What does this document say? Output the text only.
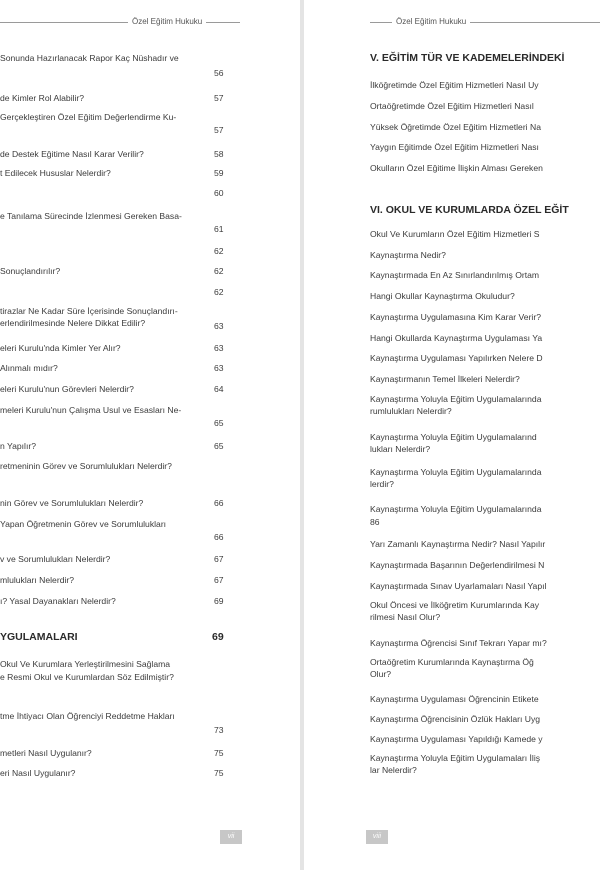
Özel Eğitim Hukuku
Sonunda Hazırlanacak Rapor Kaç Nüshadır ve
56
de Kimler Rol Alabilir?	57
Gerçekleştiren Özel Eğitim Değerlendirme Ku-
57
de Destek Eğitime Nasıl Karar Verilir?	58
t Edilecek Hususlar Nelerdir?	59
60
e Tanılama Sürecinde İzlenmesi Gereken Basa-
61
62
Sonuçlandırılır?	62
62
tirazlar Ne Kadar Süre İçerisinde Sonuçlandırı-
erlendirilmesinde Nelere Dikkat Edilir?	63
eleri Kurulu'nda Kimler Yer Alır?	63
Alınmalı mıdır?	63
eleri Kurulu'nun Görevleri Nelerdir?	64
meleri Kurulu'nun Çalışma Usul ve Esasları Ne-
65
n Yapılır?	65
retmeninin Görev ve Sorumlulukları Nelerdir?
nin Görev ve Sorumlulukları Nelerdir?	66
Yapan Öğretmenin Görev ve Sorumlulukları
66
v ve Sorumlulukları Nelerdir?	67
mlulukları Nelerdir?	67
ı? Yasal Dayanakları Nelerdir?	69
YGULAMALARI	69
Okul Ve Kurumlara Yerleştirilmesini Sağlama
e Resmi Okul ve Kurumlardan Söz Edilmiştir?
tme İhtiyacı Olan Öğrenciyi Reddetme Hakları
73
metleri Nasıl Uygulanır?	75
eri Nasıl Uygulanır?	75
vii
Özel Eğitim Hukuku
V. EĞİTİM TÜR VE KADEMELERİNDEKİ
İlköğretimde Özel Eğitim Hizmetleri Nasıl Uy
Ortaöğretimde Özel Eğitim Hizmetleri Nasıl
Yüksek Öğretimde Özel Eğitim Hizmetleri Na
Yaygın Eğitimde Özel Eğitim Hizmetleri Nası
Okulların Özel Eğitime İlişkin Alması Gereken
VI. OKUL VE KURUMLARDA ÖZEL EĞİT
Okul Ve Kurumların Özel Eğitim Hizmetleri S
Kaynaştırma Nedir?
Kaynaştırmada En Az Sınırlandırılmış Ortam
Hangi Okullar Kaynaştırma Okuludur?
Kaynaştırma Uygulamasına Kim Karar Verir?
Hangi Okullarda Kaynaştırma Uygulaması Ya
Kaynaştırma Uygulaması Yapılırken Nelere D
Kaynaştırmanın Temel İlkeleri Nelerdir?
Kaynaştırma Yoluyla Eğitim Uygulamalarında
rumlulukları Nelerdir?
Kaynaştırma Yoluyla Eğitim Uygulamalarınd
lukları Nelerdir?
Kaynaştırma Yoluyla Eğitim Uygulamalarında
lerdir?
Kaynaştırma Yoluyla Eğitim Uygulamalarında
86
Yarı Zamanlı Kaynaştırma Nedir? Nasıl Yapılır
Kaynaştırmada Başarının Değerlendirilmesi N
Kaynaştırmada Sınav Uyarlamaları Nasıl Yapıl
Okul Öncesi ve İlköğretim Kurumlarında Kay
rilmesi Nasıl Olur?
Kaynaştırma Öğrencisi Sınıf Tekrarı Yapar mı?
Ortaöğretim Kurumlarında Kaynaştırma Öğ
Olur?
Kaynaştırma Uygulaması Öğrencinin Etikete
Kaynaştırma Öğrencisinin Özlük Hakları Uyg
Kaynaştırma Uygulaması Yapıldığı Kamede y
Kaynaştırma Yoluyla Eğitim Uygulamaları İliş
lar Nelerdir?
viii
